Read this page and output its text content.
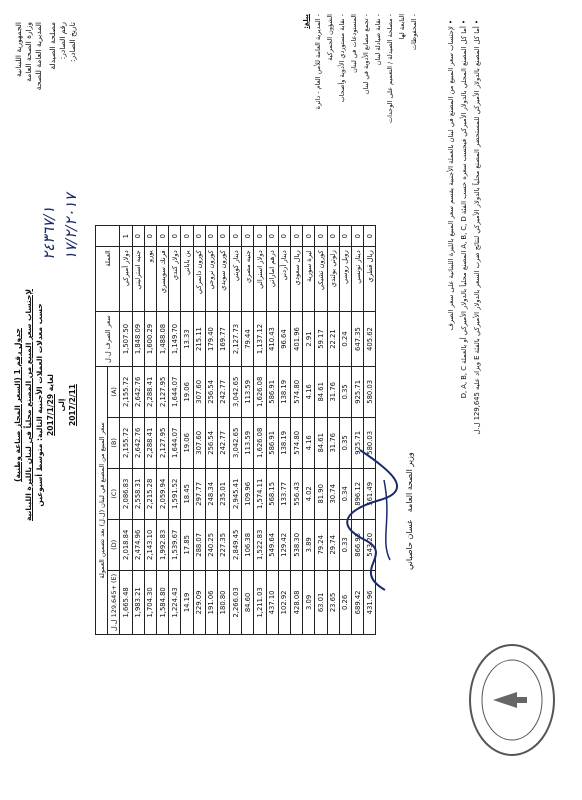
الجمهورية اللبنانية وزارة الصحة العامة المديرية العامة للصحة مصلحة الصيدلة رقم الصادر: تاريخ الصادر:
جدول رقم 1 (السعر المجاز صناعة وطنية) لإحتساب سعر المبيع من المصنع محلياً في لبنان بالليرة اللبنانية حسب معدلات العملات الأجنبية التالية: متوسط أسبوعين لغاية 2017/1/29 إلى 2017/2/11
٢٤٣٦٧/١ ١٧/٢/٢٠١٧
		العملة	سعر الصرف ل.ل	سعر المبيع من المصنع في لبنان (ل.ل) بعد تضمين العمولة				
			(A)	(B)	(C)	(D)	(E) +129,645 ل.ل
1	دولار أميركي	1,507.50	2,155.72	2,155.72	2,086.83	2,018.84	1,665.48
0	جنيه استرليني	1,848.09	2,642.76	2,642.76	2,558.31	2,474.96	1,983.21
0	يورو	1,600.29	2,288.41	2,288.41	2,215.28	2,143.10	1,704.30
0	فرنك سويسري	1,488.08	2,127.95	2,127.95	2,059.94	1,992.83	1,584.80
0	دولار كندي	1,149.70	1,644.07	1,644.07	1,591.52	1,539.67	1,224.43
0	ين ياباني	13.33	19.06	19.06	18.45	17.85	14.19
0	كورون دانمركي	215.11	307.60	307.60	297.77	288.07	229.09
0	كورون نروجي	179.40	256.54	256.54	248.34	240.25	191.06
0	كورون سويدي	169.77	242.77	242.77	235.01	227.35	180.80
0	دينار كويتي	2,127.73	3,042.65	3,042.65	2,945.41	2,849.45	2,266.03
0	جنيه مصري	79.44	113.59	113.59	109.96	106.38	84.60
0	دولار استرالي	1,137.12	1,626.08	1,626.08	1,574.11	1,522.83	1,211.03
0	درهم اماراتي	410.43	586.91	586.91	568.15	549.64	437.10
0	دينار أردني	96.64	138.19	138.19	133.77	129.42	102.92
0	ريال سعودي	401.96	574.80	574.80	556.43	538.30	428.08
0	ليرة سورية	2.91	4.16	4.16	4.02	3.89	3.09
0	كورون تشيكي	59.17	84.61	84.61	81.90	79.24	63.01
0	زلوتي بولندي	22.21	31.76	31.76	30.74	29.74	23.65
0	روبل روسي	0.24	0.35	0.35	0.34	0.33	0.26
0	دينار تونسي	647.35	925.71	925.71	896.12	866.93	689.42
0	ريال قطري	405.62	580.03	580.03	561.49	543.20	431.96
يبلغ: - المديرية العامة للأمن العام - دائرة الشؤون الجمركية - نقابة مستوردي الأدوية وأصحاب المستودعات في لبنان - تجمع مصانع الأدوية في لبنان - نقابة صيادلة لبنان - مصلحة الصيدلة / التعميم على الوحدات التابعة لها - المحفوظات
وزير الصحة العامة   غسان حاصباني
• لإحتساب سعر المبيع من المصنع في لبنان بالعملة الأجنبية يقسم سعر المبيع بالليرة اللبنانية على سعر الصرف
• أما كل المصنع المحلي بالدولار الأميركي فيحسب سعره حسب الفئة A, B, C, D المصنع محلياً بالدولار الأميركي أو بالعملة D, A, B, C
• أما كل المصنع بالدولار الأميركي للمستحضر المصنع محلياً بالدولار الأميركي لنتائج ضرب السعر بالدولار الأميركي بالفئة E ويزاد عليه 129,645 ل.ل
